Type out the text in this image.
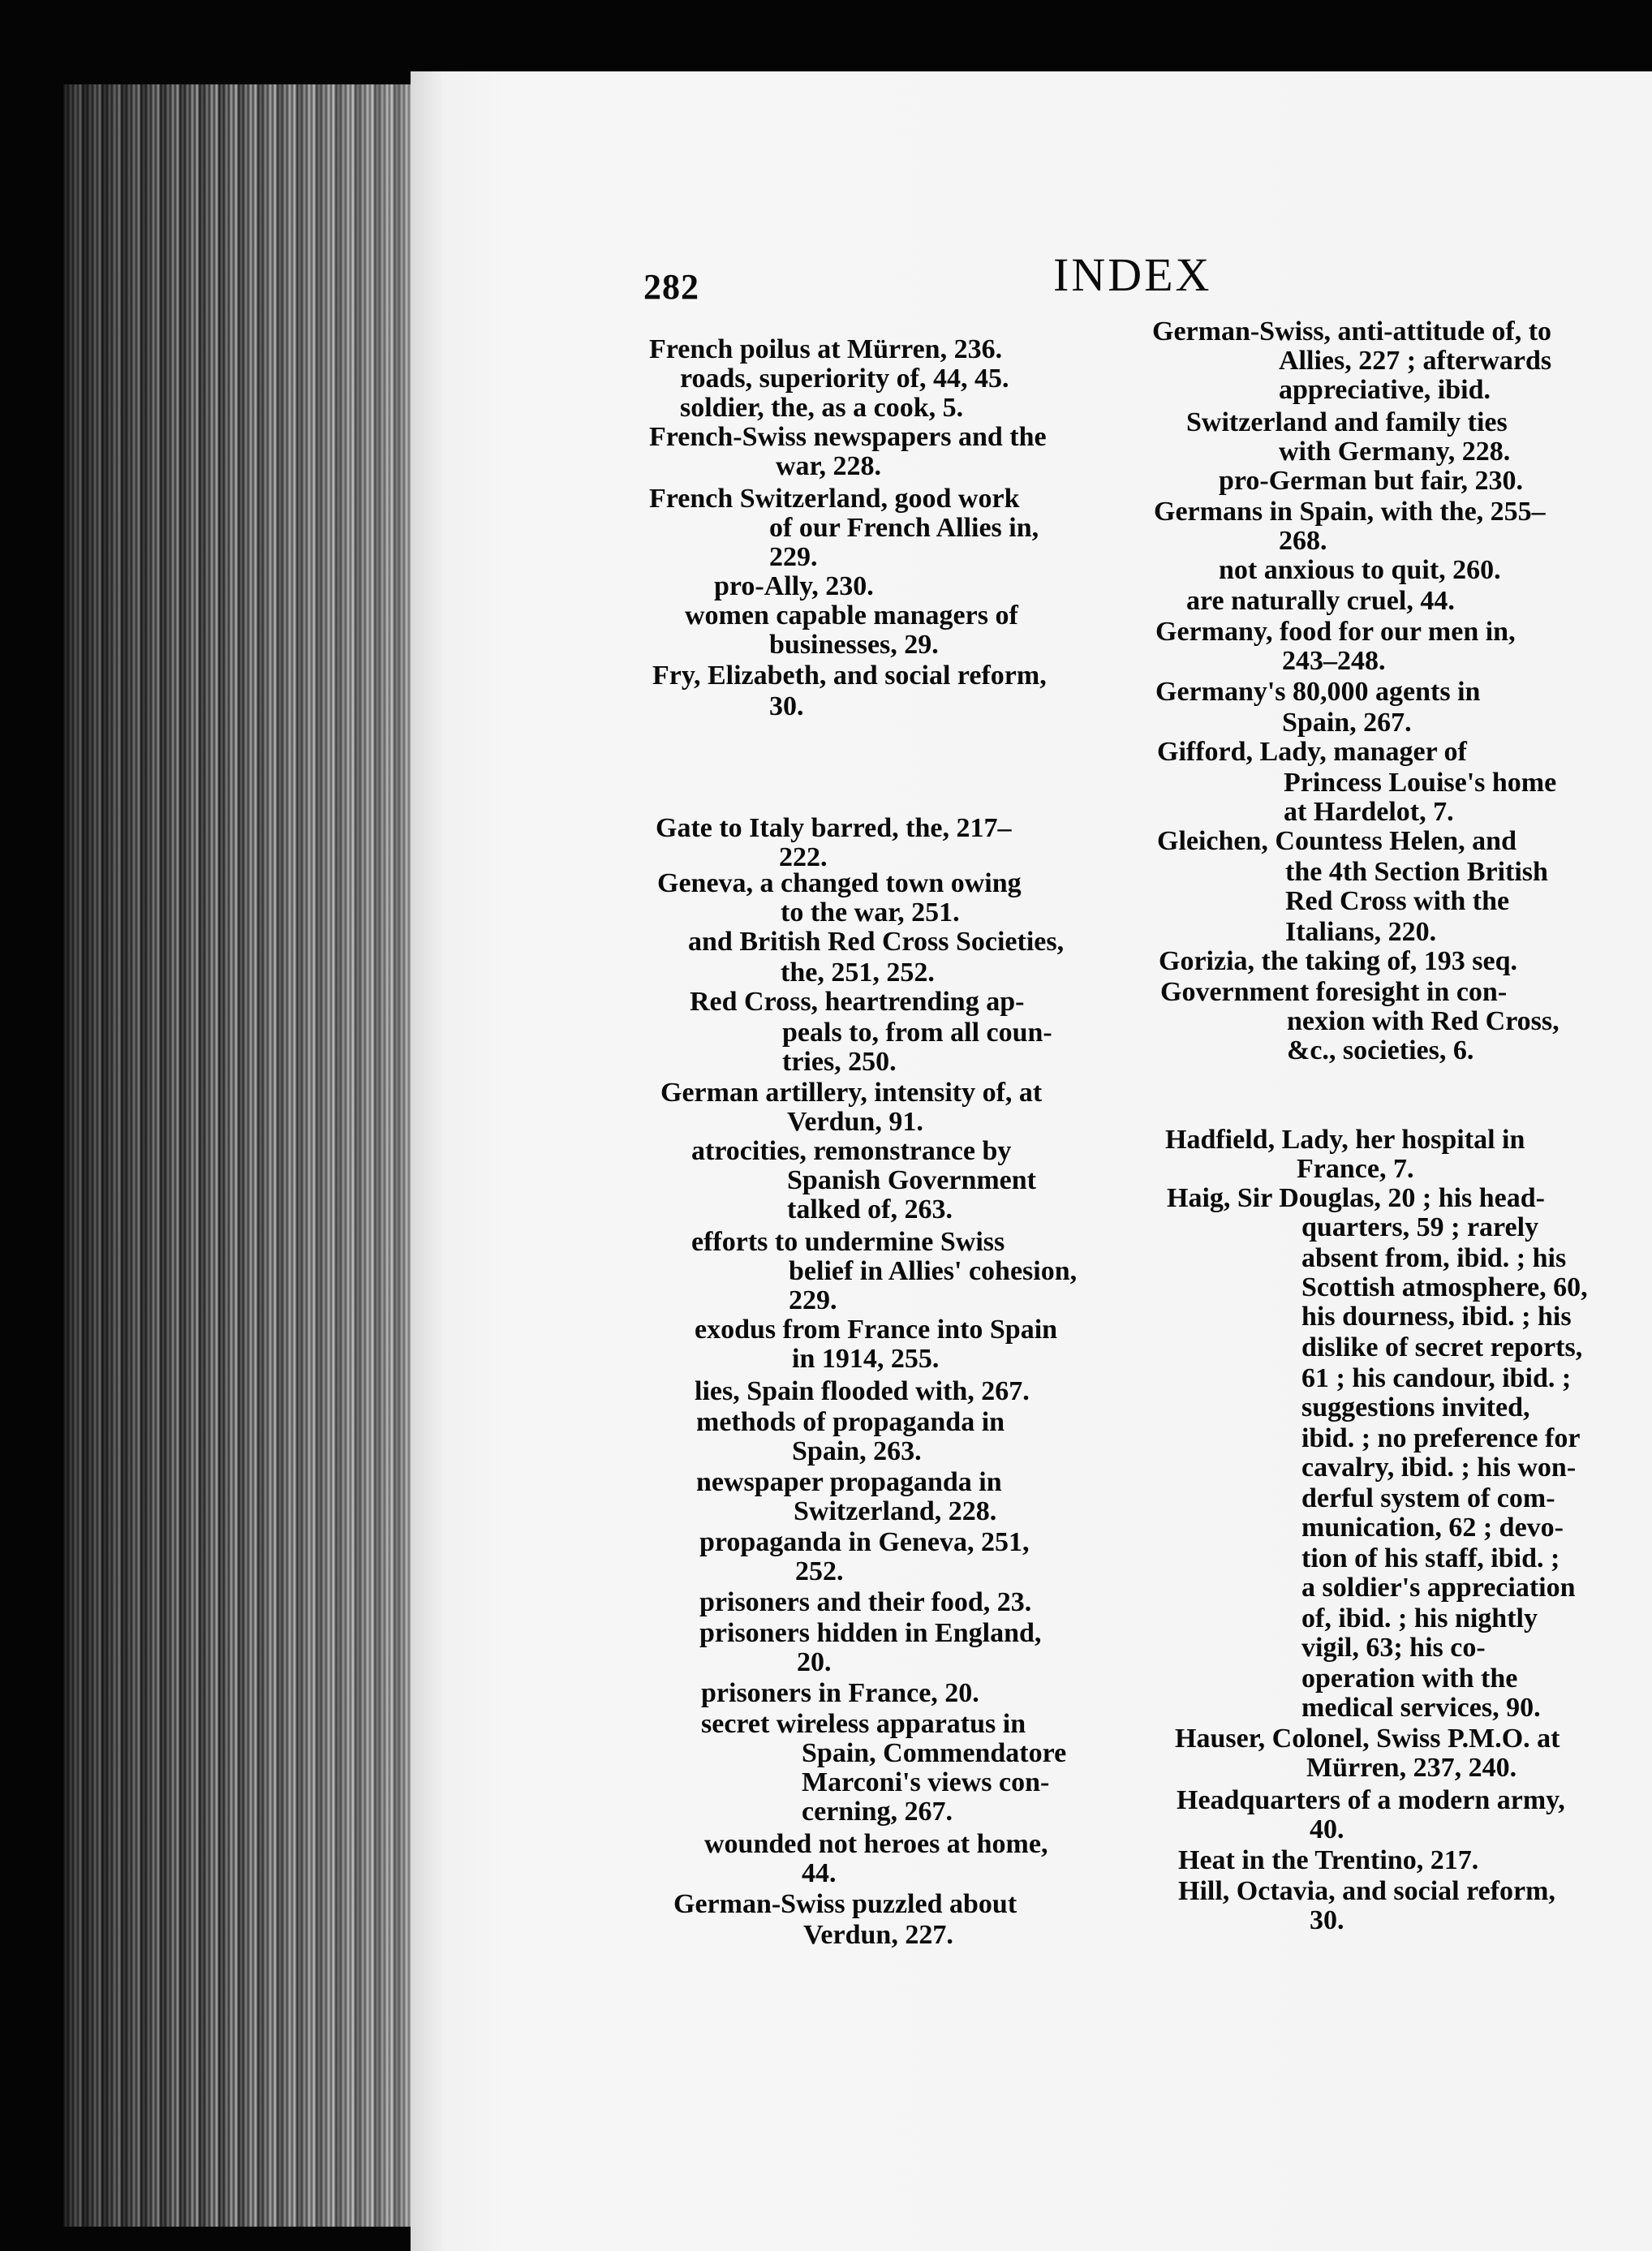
282	INDEX
French poilus at Mürren, 236.
roads, superiority of, 44, 45.
soldier, the, as a cook, 5.
French-Swiss newspapers and the
war, 228.
French Switzerland, good work
of our French Allies in,
229.
pro-Ally, 230.
women capable managers of
businesses, 29.
Fry, Elizabeth, and social reform,
30.
Gate to Italy barred, the, 217–
222.
Geneva, a changed town owing
to the war, 251.
and British Red Cross Societies,
the, 251, 252.
Red Cross, heartrending ap-
peals to, from all coun-
tries, 250.
German artillery, intensity of, at
Verdun, 91.
atrocities, remonstrance by
Spanish Government
talked of, 263.
efforts to undermine Swiss
belief in Allies' cohesion,
229.
exodus from France into Spain
in 1914, 255.
lies, Spain flooded with, 267.
methods of propaganda in
Spain, 263.
newspaper propaganda in
Switzerland, 228.
propaganda in Geneva, 251,
252.
prisoners and their food, 23.
prisoners hidden in England,
20.
prisoners in France, 20.
secret wireless apparatus in
Spain, Commendatore
Marconi's views con-
cerning, 267.
wounded not heroes at home,
44.
German-Swiss puzzled about
Verdun, 227.
German-Swiss, anti-attitude of, to
Allies, 227 ; afterwards
appreciative, ibid.
Switzerland and family ties
with Germany, 228.
pro-German but fair, 230.
Germans in Spain, with the, 255–
268.
not anxious to quit, 260.
are naturally cruel, 44.
Germany, food for our men in,
243–248.
Germany's 80,000 agents in
Spain, 267.
Gifford, Lady, manager of
Princess Louise's home
at Hardelot, 7.
Gleichen, Countess Helen, and
the 4th Section British
Red Cross with the
Italians, 220.
Gorizia, the taking of, 193 seq.
Government foresight in con-
nexion with Red Cross,
&c., societies, 6.
Hadfield, Lady, her hospital in
France, 7.
Haig, Sir Douglas, 20 ; his head-
quarters, 59 ; rarely
absent from, ibid. ; his
Scottish atmosphere, 60,
his dourness, ibid. ; his
dislike of secret reports,
61 ; his candour, ibid. ;
suggestions invited,
ibid. ; no preference for
cavalry, ibid. ; his won-
derful system of com-
munication, 62 ; devo-
tion of his staff, ibid. ;
a soldier's appreciation
of, ibid. ; his nightly
vigil, 63; his co-
operation with the
medical services, 90.
Hauser, Colonel, Swiss P.M.O. at
Mürren, 237, 240.
Headquarters of a modern army,
40.
Heat in the Trentino, 217.
Hill, Octavia, and social reform,
30.
